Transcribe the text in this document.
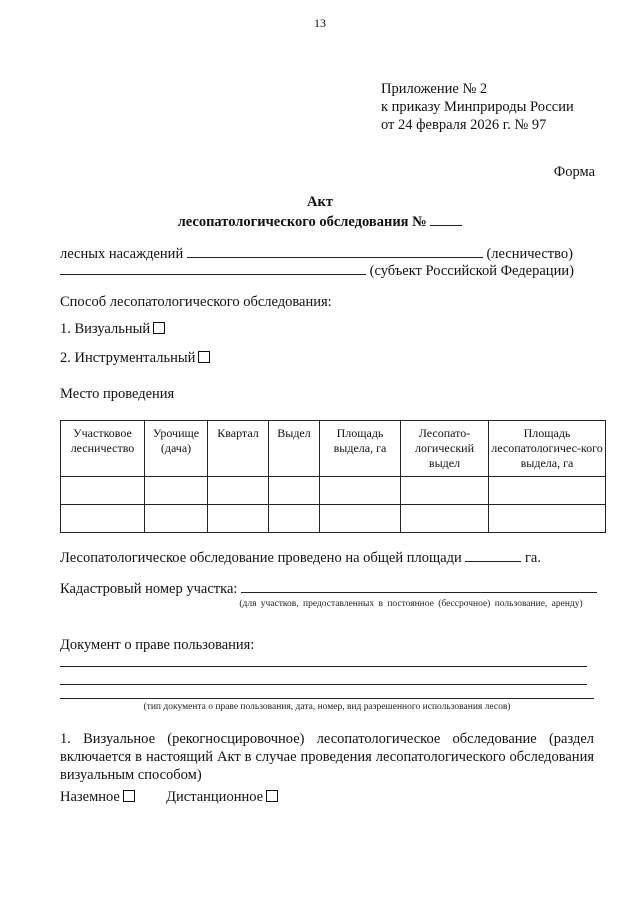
13
Приложение № 2
к приказу Минприроды России
от 24 февраля 2026 г. № 97
Форма
Акт
лесопатологического обследования №
лесных насаждений	(лесничество)
(субъект Российской Федерации)
Способ лесопатологического обследования:
1. Визуальный
2. Инструментальный
Место проведения
Участковое лесничество	Урочище (дача)	Квартал	Выдел	Площадь выдела, га	Лесопато-логический выдел	Площадь лесопатологичес-кого выдела, га

Лесопатологическое обследование проведено на общей площади	га.
Кадастровый номер участка:
(для участков, предоставленных в постоянное (бессрочное) пользование, аренду)
Документ о праве пользования:
(тип документа о праве пользования, дата, номер, вид разрешенного использования лесов)
1. Визуальное (рекогносцировочное) лесопатологическое обследование (раздел включается в настоящий Акт в случае проведения лесопатологического обследования визуальным способом)
Наземное	Дистанционное
